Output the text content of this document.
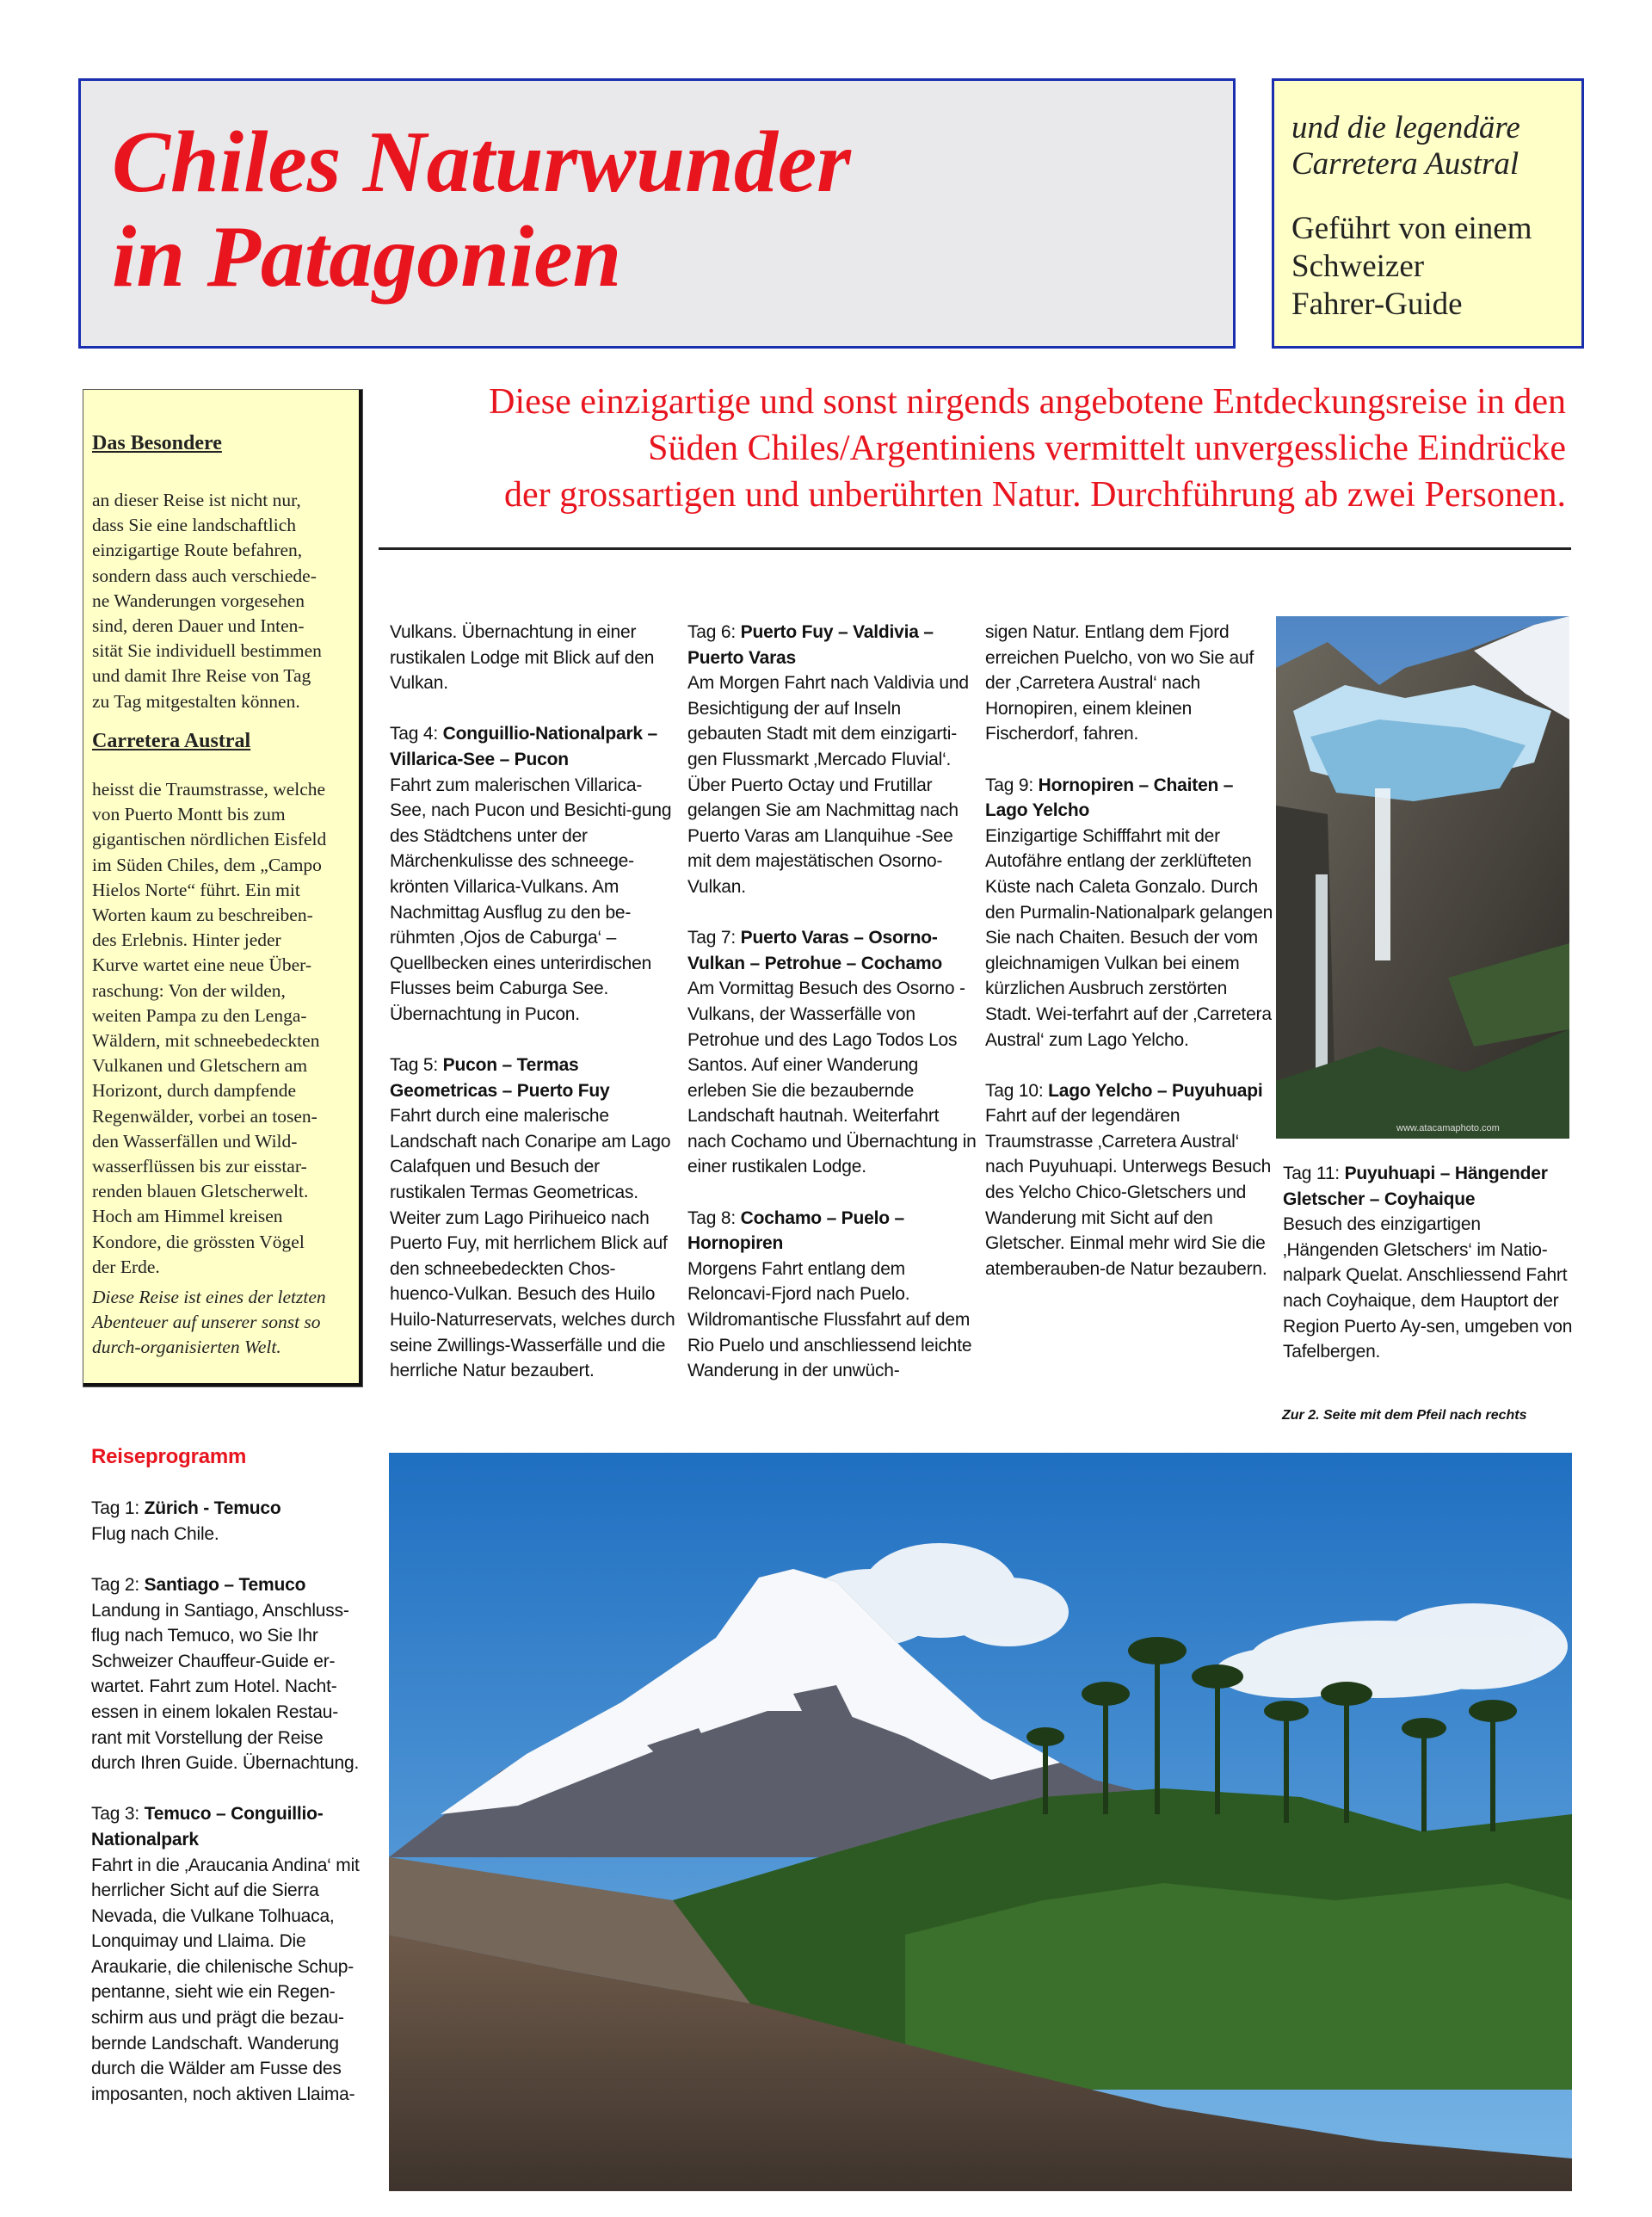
Chiles Naturwunder
in Patagonien
und die legendäre
Carretera Austral
Geführt von einem
Schweizer
Fahrer-Guide
Das Besondere
an dieser Reise ist nicht nur,
dass Sie eine landschaftlich
einzigartige Route befahren,
sondern dass auch verschiede-
ne Wanderungen vorgesehen
sind, deren Dauer und Inten-
sität Sie individuell bestimmen
und damit Ihre Reise von Tag
zu Tag mitgestalten können.
Carretera Austral
heisst die Traumstrasse, welche
von Puerto Montt bis zum
gigantischen nördlichen Eisfeld
im Süden Chiles, dem „Campo
Hielos Norte“ führt. Ein mit
Worten kaum zu beschreiben-
des Erlebnis. Hinter jeder
Kurve wartet eine neue Über-
raschung: Von der wilden,
weiten Pampa zu den Lenga-
Wäldern, mit schneebedeckten
Vulkanen und Gletschern am
Horizont, durch dampfende
Regenwälder, vorbei an tosen-
den Wasserfällen und Wild-
wasserflüssen bis zur eisstar-
renden blauen Gletscherwelt.
Hoch am Himmel kreisen
Kondore, die grössten Vögel
der Erde.
Diese Reise ist eines der letzten
Abenteuer auf unserer sonst so
durch-organisierten Welt.
Diese einzigartige und sonst nirgends angebotene Entdeckungsreise in den
Süden Chiles/Argentiniens vermittelt unvergessliche Eindrücke
der grossartigen und unberührten Natur. Durchführung ab zwei Personen.

Vulkans. Übernachtung in einer rustikalen Lodge mit Blick auf den Vulkan.

Tag 4: Conguillio-Nationalpark – Villarica-See – Pucon
Fahrt zum malerischen Villarica-See, nach Pucon und Besichti-gung des Städtchens unter der Märchenkulisse des schneege-krönten Villarica-Vulkans. Am Nachmittag Ausflug zu den be-rühmten ‚Ojos de Caburga‘ – Quellbecken eines unterirdischen Flusses beim Caburga See. Übernachtung in Pucon.

Tag 5: Pucon – Termas Geometricas – Puerto Fuy
Fahrt durch eine malerische Landschaft nach Conaripe am Lago Calafquen und Besuch der rustikalen Termas Geometricas. Weiter zum Lago Pirihueico nach Puerto Fuy, mit herrlichem Blick auf den schneebedeckten Chos-huenco-Vulkan. Besuch des Huilo Huilo-Naturreservats, welches durch seine Zwillings-Wasserfälle und die herrliche Natur bezaubert.

Tag 6: Puerto Fuy – Valdivia – Puerto Varas
Am Morgen Fahrt nach Valdivia und Besichtigung der auf Inseln gebauten Stadt mit dem einzigarti-gen Flussmarkt ‚Mercado Fluvial‘. Über Puerto Octay und Frutillar gelangen Sie am Nachmittag nach Puerto Varas am Llanquihue -See mit dem majestätischen Osorno-Vulkan.

Tag 7: Puerto Varas – Osorno-Vulkan – Petrohue – Cochamo
Am Vormittag Besuch des Osorno -Vulkans, der Wasserfälle von Petrohue und des Lago Todos Los Santos. Auf einer Wanderung erleben Sie die bezaubernde Landschaft hautnah. Weiterfahrt nach Cochamo und Übernachtung in einer rustikalen Lodge.

Tag 8: Cochamo – Puelo – Hornopiren
Morgens Fahrt entlang dem Reloncavi-Fjord nach Puelo. Wildromantische Flussfahrt auf dem Rio Puelo und anschliessend leichte Wanderung in der unwüch-

sigen Natur. Entlang dem Fjord erreichen Puelcho, von wo Sie auf der ‚Carretera Austral‘ nach Hornopiren, einem kleinen Fischerdorf, fahren.

Tag 9: Hornopiren – Chaiten – Lago Yelcho
Einzigartige Schifffahrt mit der Autofähre entlang der zerklüfteten Küste nach Caleta Gonzalo. Durch den Purmalin-Nationalpark gelangen Sie nach Chaiten. Besuch der vom gleichnamigen Vulkan bei einem kürzlichen Ausbruch zerstörten Stadt. Wei-terfahrt auf der ‚Carretera Austral‘ zum Lago Yelcho.

Tag 10: Lago Yelcho – Puyuhuapi
Fahrt auf der legendären Traumstrasse ‚Carretera Austral‘ nach Puyuhuapi. Unterwegs Besuch des Yelcho Chico-Gletschers und Wanderung mit Sicht auf den Gletscher. Einmal mehr wird Sie die atemberauben-de Natur bezaubern.

www.atacamaphoto.com

Tag 11: Puyuhuapi – Hängender Gletscher – Coyhaique
Besuch des einzigartigen ‚Hängenden Gletschers‘ im Natio-nalpark Quelat. Anschliessend Fahrt nach Coyhaique, dem Hauptort der Region Puerto Ay-sen, umgeben von Tafelbergen.

Zur 2. Seite mit dem Pfeil nach rechts

Reiseprogramm

Tag 1: Zürich - Temuco
Flug nach Chile.

Tag 2: Santiago – Temuco
Landung in Santiago, Anschluss-flug nach Temuco, wo Sie Ihr Schweizer Chauffeur-Guide er-wartet. Fahrt zum Hotel. Nacht-essen in einem lokalen Restau-rant mit Vorstellung der Reise durch Ihren Guide. Übernachtung.

Tag 3: Temuco – Conguillio-Nationalpark
Fahrt in die ‚Araucania Andina‘ mit herrlicher Sicht auf die Sierra Nevada, die Vulkane Tolhuaca, Lonquimay und Llaima. Die Araukarie, die chilenische Schup-pentanne, sieht wie ein Regen-schirm aus und prägt die bezau-bernde Landschaft. Wanderung durch die Wälder am Fusse des imposanten, noch aktiven Llaima-
